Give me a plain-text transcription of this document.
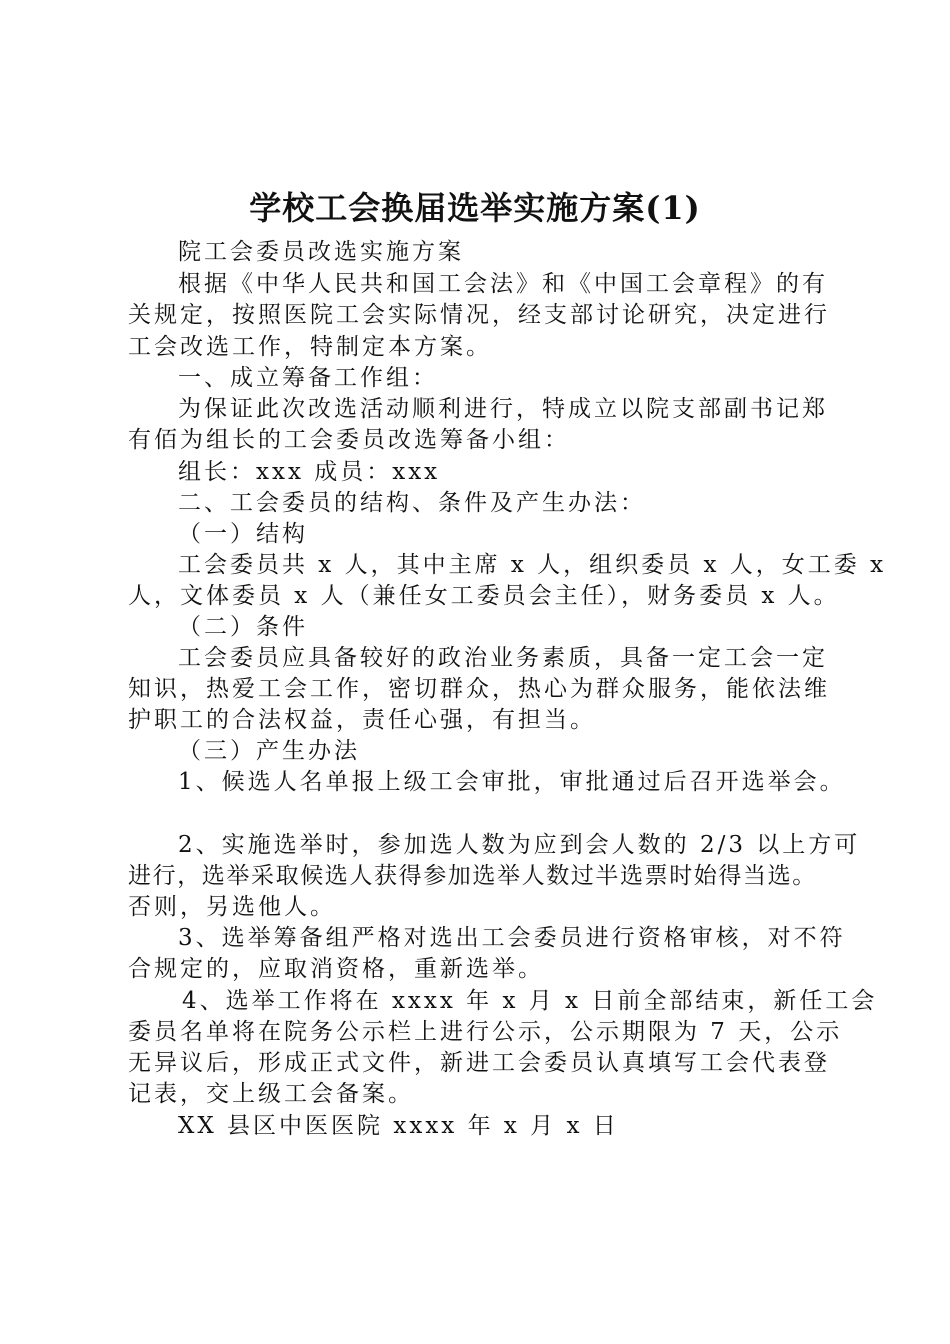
学校工会换届选举实施方案(1)
院工会委员改选实施方案
根据《中华人民共和国工会法》和《中国工会章程》的有
关规定，按照医院工会实际情况，经支部讨论研究，决定进行
工会改选工作，特制定本方案。
一、成立筹备工作组：
为保证此次改选活动顺利进行，特成立以院支部副书记郑
有佰为组长的工会委员改选筹备小组：
组长：xxx 成员：xxx
二、工会委员的结构、条件及产生办法：
（一）结构
工会委员共 x 人，其中主席 x 人，组织委员 x 人，女工委 x
人，文体委员 x 人（兼任女工委员会主任），财务委员 x 人。
（二）条件
工会委员应具备较好的政治业务素质，具备一定工会一定
知识，热爱工会工作，密切群众，热心为群众服务，能依法维
护职工的合法权益，责任心强，有担当。
（三）产生办法
1、候选人名单报上级工会审批，审批通过后召开选举会。
2、实施选举时，参加选人数为应到会人数的 2/3 以上方可
进行，选举采取候选人获得参加选举人数过半选票时始得当选。
否则，另选他人。
3、选举筹备组严格对选出工会委员进行资格审核，对不符
合规定的，应取消资格，重新选举。
4、选举工作将在 xxxx 年 x 月 x 日前全部结束，新任工会
委员名单将在院务公示栏上进行公示，公示期限为 7 天，公示
无异议后，形成正式文件，新进工会委员认真填写工会代表登
记表，交上级工会备案。
XX 县区中医医院 xxxx 年 x 月 x 日
